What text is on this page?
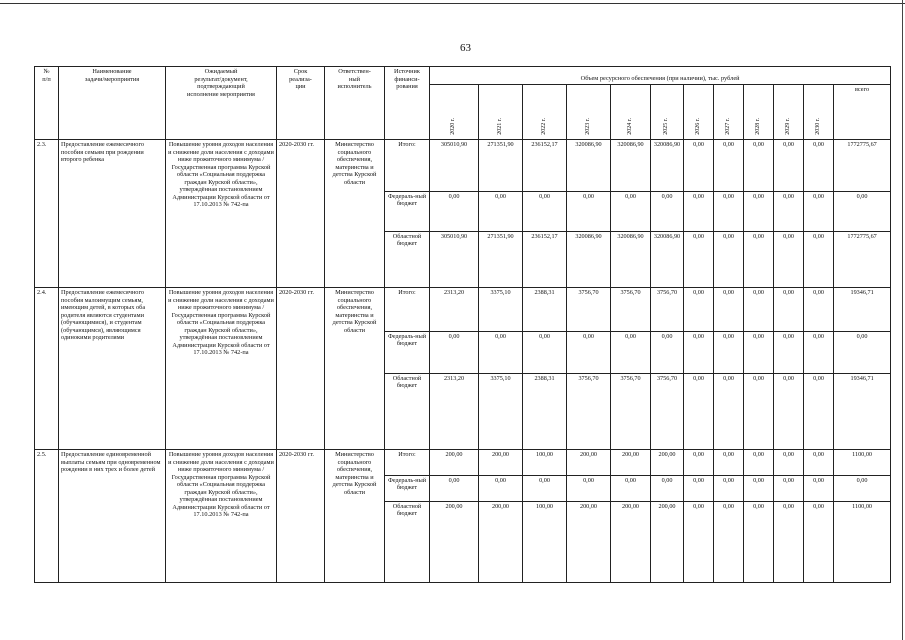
63
№
п/п	Наименование
задачи/мероприятия	Ожидаемый
результат/документ,
подтверждающий
исполнение мероприятия	Срок
реализа-
ции	Ответствен-
ный
исполнитель	Источник
финанси-
рования	Объем ресурсного обеспечения (при наличии), тыс. рублей											
						2020 г.	2021 г.	2022 г.	2023 г.	2024 г.	2025 г.	2026 г.	2027 г.	2028 г.	2029 г.	2030 г.	всего
2.3.	Предоставление ежемесячного пособия семьям при рождении второго ребенка	Повышение уровня доходов населения и снижение доли населения с доходами ниже прожиточного минимума / Государственная программа Курской области «Социальная поддержка граждан Курской области», утверждённая постановлением Администрации Курской области от 17.10.2013 № 742-па	2020-2030 гг.	Министерство социального обеспечения, материнства и детства Курской области	Итого:	305010,90	271351,90	236152,17	320086,90	320086,90	320086,90	0,00	0,00	0,00	0,00	0,00	1772775,67
					Федераль-ный бюджет	0,00	0,00	0,00	0,00	0,00	0,00	0,00	0,00	0,00	0,00	0,00	0,00
					Областной бюджет	305010,90	271351,90	236152,17	320086,90	320086,90	320086,90	0,00	0,00	0,00	0,00	0,00	1772775,67
2.4.	Предоставление ежемесячного пособия малоимущим семьям, имеющим детей, в которых оба родителя являются студентами (обучающимися), и студентам (обучающимся), являющимся одинокими родителями	Повышение уровня доходов населения и снижение доли населения с доходами ниже прожиточного минимума / Государственная программа Курской области «Социальная поддержка граждан Курской области», утверждённая постановлением Администрации Курской области от 17.10.2013 № 742-па	2020-2030 гг.	Министерство социального обеспечения, материнства и детства Курской области	Итого:	2313,20	3375,10	2388,31	3756,70	3756,70	3756,70	0,00	0,00	0,00	0,00	0,00	19346,71
					Федераль-ный бюджет	0,00	0,00	0,00	0,00	0,00	0,00	0,00	0,00	0,00	0,00	0,00	0,00
					Областной бюджет	2313,20	3375,10	2388,31	3756,70	3756,70	3756,70	0,00	0,00	0,00	0,00	0,00	19346,71
2.5.	Предоставление единовременной выплаты семьям при одновременном рождении в них трех и более детей	Повышение уровня доходов населения и снижение доли населения с доходами ниже прожиточного минимума / Государственная программа Курской области «Социальная поддержка граждан Курской области», утверждённая постановлением Администрации Курской области от 17.10.2013 № 742-па	2020-2030 гг.	Министерство социального обеспечения, материнства и детства Курской области	Итого:	200,00	200,00	100,00	200,00	200,00	200,00	0,00	0,00	0,00	0,00	0,00	1100,00
					Федераль-ный бюджет	0,00	0,00	0,00	0,00	0,00	0,00	0,00	0,00	0,00	0,00	0,00	0,00
					Областной бюджет	200,00	200,00	100,00	200,00	200,00	200,00	0,00	0,00	0,00	0,00	0,00	1100,00
